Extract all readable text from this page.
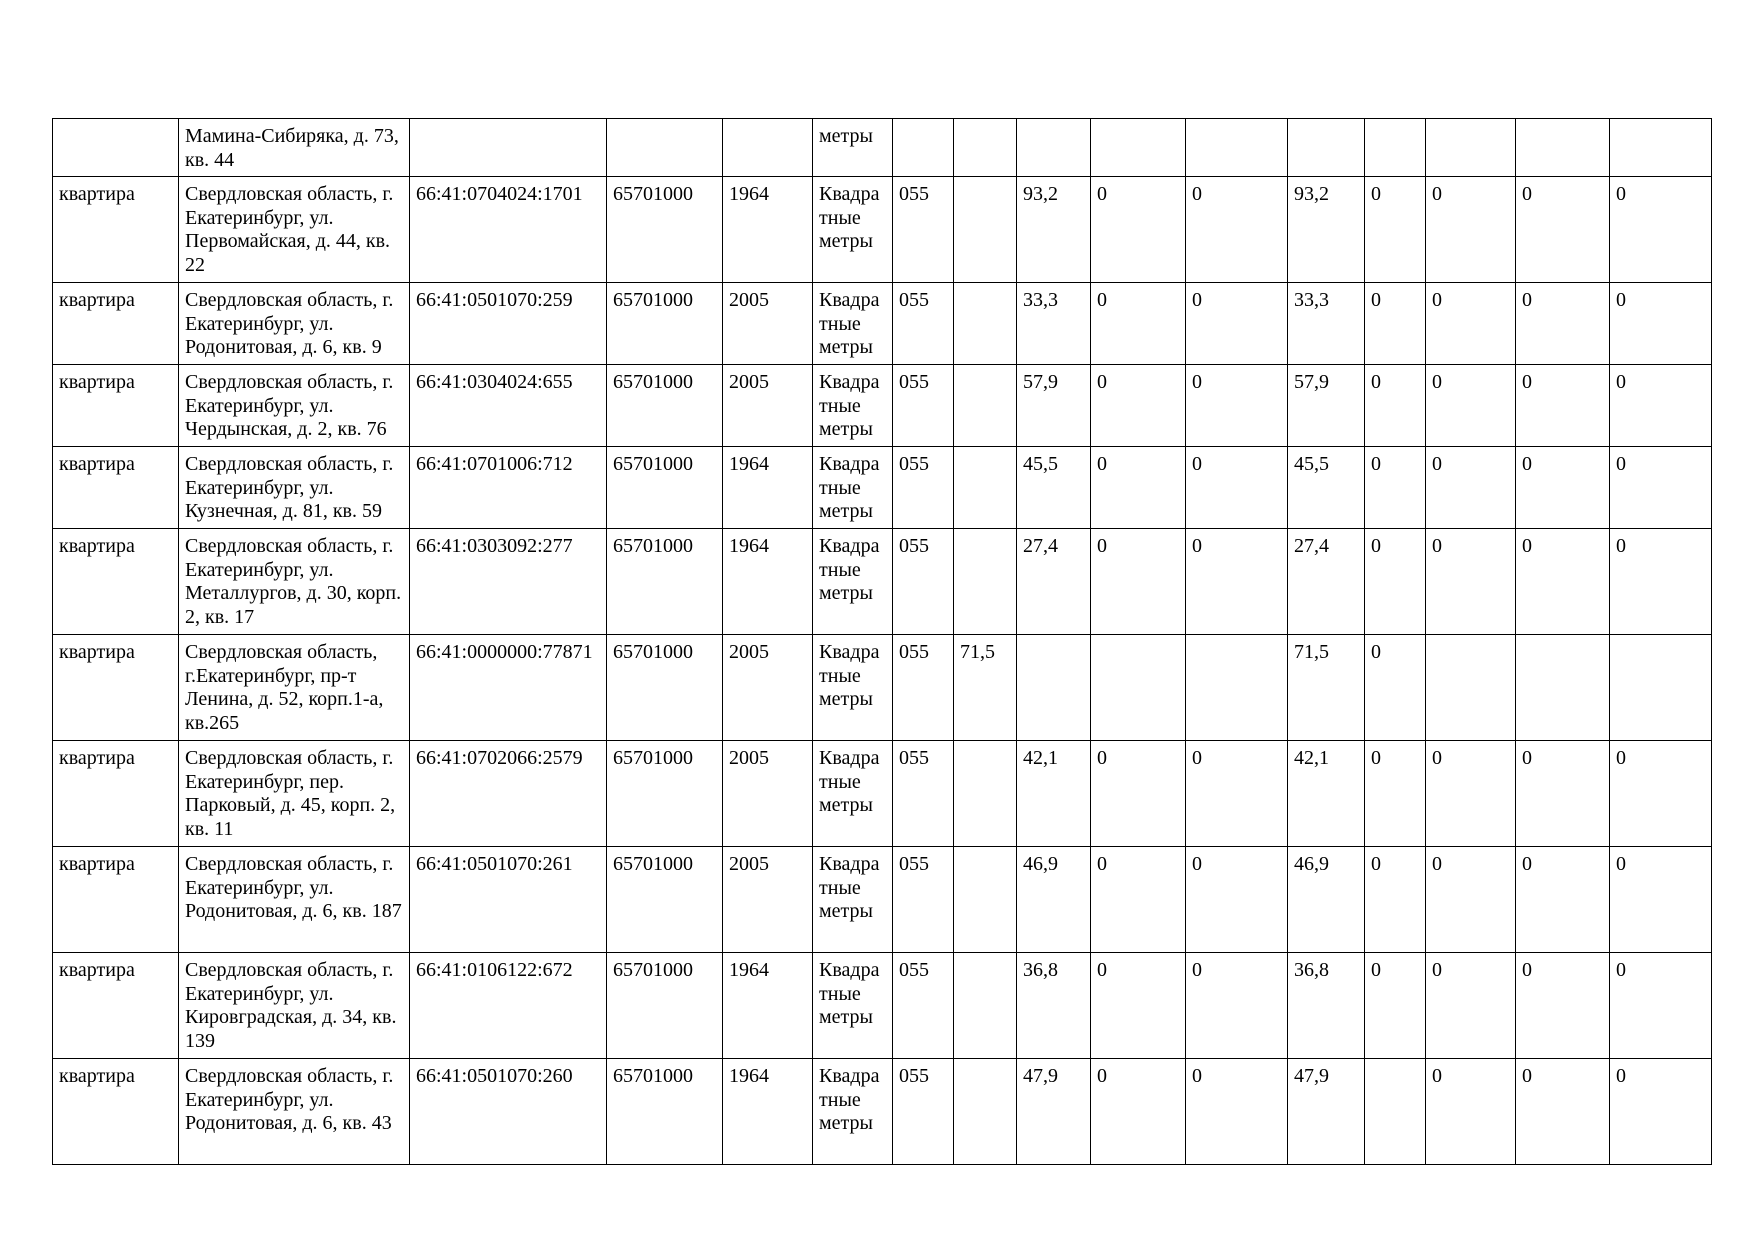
	Мамина-Сибиряка, д. 73, кв. 44				метры										
квартира	Свердловская область, г. Екатеринбург, ул. Первомайская, д. 44, кв. 22	66:41:0704024:1701	65701000	1964	Квадратные метры	055		93,2	0	0	93,2	0	0	0	0
квартира	Свердловская область, г. Екатеринбург, ул. Родонитовая, д. 6, кв. 9	66:41:0501070:259	65701000	2005	Квадратные метры	055		33,3	0	0	33,3	0	0	0	0
квартира	Свердловская область, г. Екатеринбург, ул. Чердынская, д. 2, кв. 76	66:41:0304024:655	65701000	2005	Квадратные метры	055		57,9	0	0	57,9	0	0	0	0
квартира	Свердловская область, г. Екатеринбург, ул. Кузнечная, д. 81, кв. 59	66:41:0701006:712	65701000	1964	Квадратные метры	055		45,5	0	0	45,5	0	0	0	0
квартира	Свердловская область, г. Екатеринбург, ул. Металлургов, д. 30, корп. 2, кв. 17	66:41:0303092:277	65701000	1964	Квадратные метры	055		27,4	0	0	27,4	0	0	0	0
квартира	Свердловская область, г.Екатеринбург, пр-т Ленина, д. 52, корп.1-а, кв.265	66:41:0000000:77871	65701000	2005	Квадратные метры	055	71,5				71,5	0			
квартира	Свердловская область, г. Екатеринбург, пер. Парковый, д. 45, корп. 2, кв. 11	66:41:0702066:2579	65701000	2005	Квадратные метры	055		42,1	0	0	42,1	0	0	0	0
квартира	Свердловская область, г. Екатеринбург, ул. Родонитовая, д. 6, кв. 187	66:41:0501070:261	65701000	2005	Квадратные метры	055		46,9	0	0	46,9	0	0	0	0
квартира	Свердловская область, г. Екатеринбург, ул. Кировградская, д. 34, кв. 139	66:41:0106122:672	65701000	1964	Квадратные метры	055		36,8	0	0	36,8	0	0	0	0
квартира	Свердловская область, г. Екатеринбург, ул. Родонитовая, д. 6, кв. 43	66:41:0501070:260	65701000	1964	Квадратные метры	055		47,9	0	0	47,9		0	0	0
